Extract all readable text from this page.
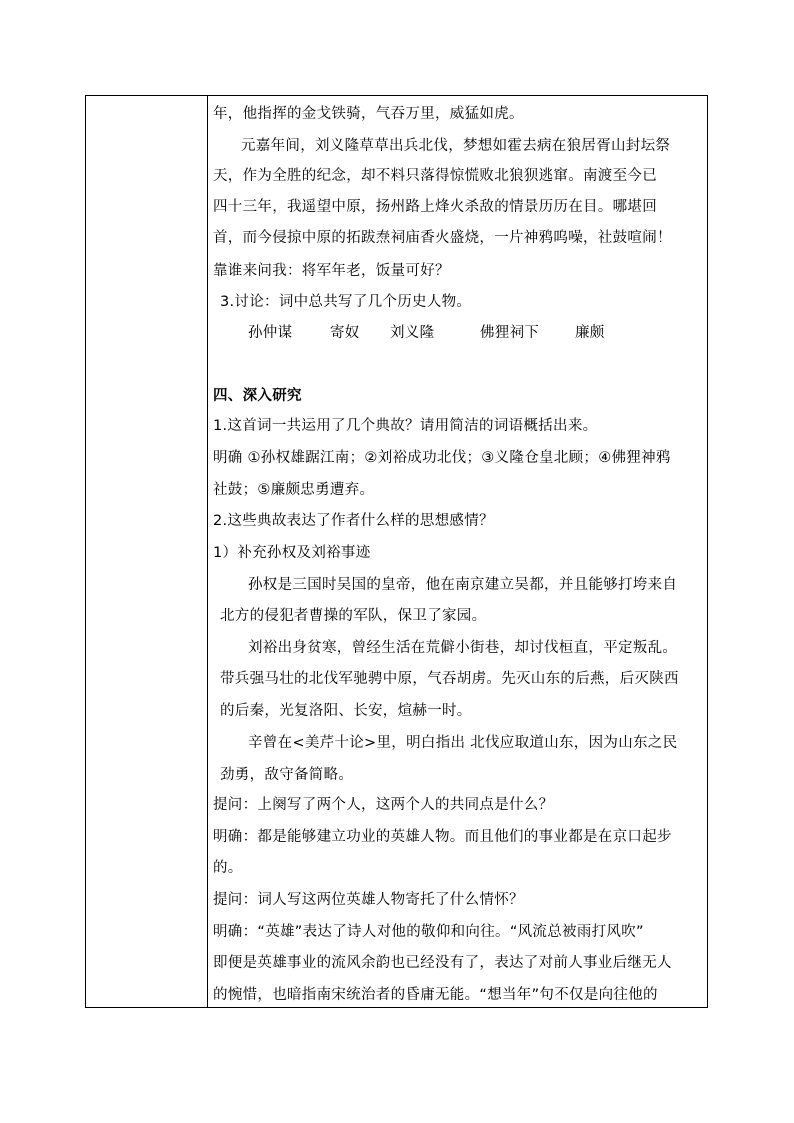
年，他指挥的金戈铁骑，气吞万里，威猛如虎。
元嘉年间，刘义隆草草出兵北伐，梦想如霍去病在狼居胥山封坛祭
天，作为全胜的纪念，却不料只落得惊慌败北狼狈逃窜。南渡至今已
四十三年，我遥望中原，扬州路上烽火杀敌的情景历历在目。哪堪回
首，而今侵掠中原的拓跋焘祠庙香火盛烧，一片神鸦呜噪，社鼓喧闹！
靠谁来问我：将军年老，饭量可好？
3.讨论：词中总共写了几个历史人物。
孙仲谋	寄奴 刘义隆	佛狸祠下 廉颇
四、深入研究
1.这首词一共运用了几个典故？请用简洁的词语概括出来。
明确 ①孙权雄踞江南；②刘裕成功北伐；③义隆仓皇北顾；④佛狸神鸦
社鼓；⑤廉颇忠勇遭弃。
2.这些典故表达了作者什么样的思想感情？
1）补充孙权及刘裕事迹
孙权是三国时吴国的皇帝，他在南京建立吴都，并且能够打垮来自
北方的侵犯者曹操的军队，保卫了家园。
刘裕出身贫寒，曾经生活在荒僻小街巷，却讨伐桓直，平定叛乱。
带兵强马壮的北伐军驰骋中原，气吞胡虏。先灭山东的后燕，后灭陕西
的后秦，光复洛阳、长安，煊赫一时。
辛曾在<美芹十论>里，明白指出 北伐应取道山东，因为山东之民
劲勇，敌守备简略。
提问：上阕写了两个人，这两个人的共同点是什么？
明确：都是能够建立功业的英雄人物。而且他们的事业都是在京口起步
的。
提问：词人写这两位英雄人物寄托了什么情怀？
明确：“英雄”表达了诗人对他的敬仰和向往。“风流总被雨打风吹”
即便是英雄事业的流风余韵也已经没有了，表达了对前人事业后继无人
的惋惜，也暗指南宋统治者的昏庸无能。“想当年”句不仅是向往他的
